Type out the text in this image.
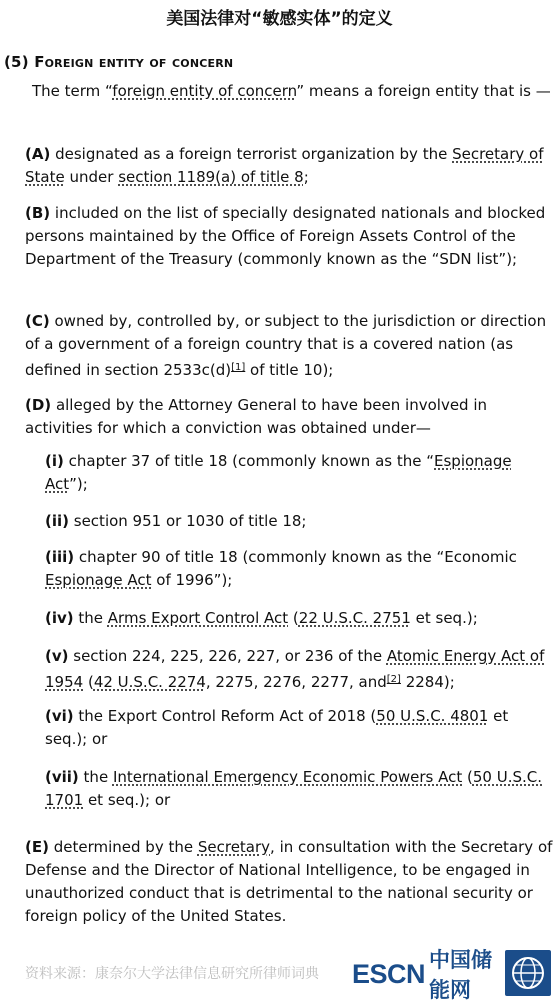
美国法律对“敏感实体”的定义
(5) Foreign entity of concern
The term “foreign entity of concern” means a foreign entity that is —
(A) designated as a foreign terrorist organization by the Secretary of State under section 1189(a) of title 8;
(B) included on the list of specially designated nationals and blocked persons maintained by the Office of Foreign Assets Control of the Department of the Treasury (commonly known as the “SDN list”);
(C) owned by, controlled by, or subject to the jurisdiction or direction of a government of a foreign country that is a covered nation (as defined in section 2533c(d)[1] of title 10);
(D) alleged by the Attorney General to have been involved in activities for which a conviction was obtained under—
(i) chapter 37 of title 18 (commonly known as the “Espionage Act”);
(ii) section 951 or 1030 of title 18;
(iii) chapter 90 of title 18 (commonly known as the “Economic Espionage Act of 1996”);
(iv) the Arms Export Control Act (22 U.S.C. 2751 et seq.);
(v) section 224, 225, 226, 227, or 236 of the Atomic Energy Act of 1954 (42 U.S.C. 2274, 2275, 2276, 2277, and[2] 2284);
(vi) the Export Control Reform Act of 2018 (50 U.S.C. 4801 et seq.); or
(vii) the International Emergency Economic Powers Act (50 U.S.C. 1701 et seq.); or
(E) determined by the Secretary, in consultation with the Secretary of Defense and the Director of National Intelligence, to be engaged in unauthorized conduct that is detrimental to the national security or foreign policy of the United States.
资料来源：康奈尔大学法律信息研究所律师词典 ESCN 中国储能网
